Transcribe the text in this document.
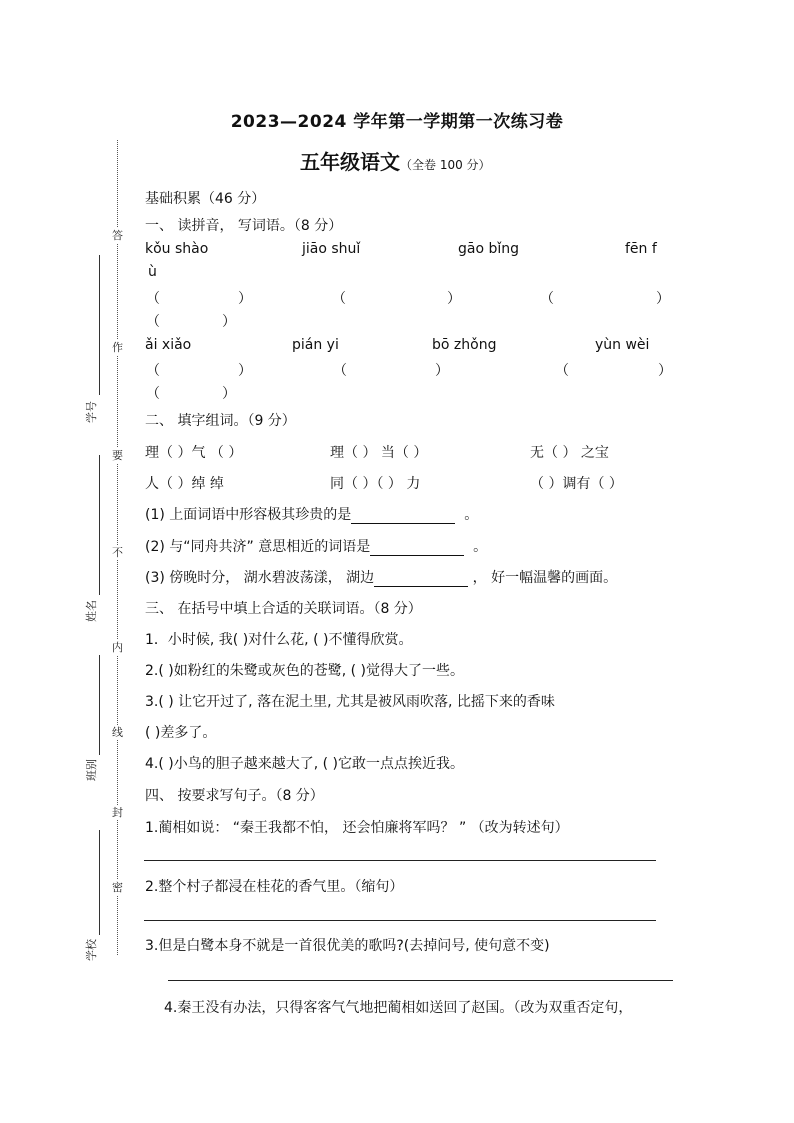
2023—2024 学年第一学期第一次练习卷
五年级语文（全卷 100 分）
答
作
要
不
内
线
封
密
学号
姓名
班别
学校
基础积累（46 分）
一、 读拼音， 写词语。（8 分）
kǒu shào	jiāo shuǐ	gāo bǐng	fēn f
ù
（	）	（	）	（	）
（	）
ǎi xiǎo	pián yi	bō zhǒng	yùn wèi
（	）	（	）	（	）
（	）
二、 填字组词。（9 分）
理（ ）气 （ ）	理（ ） 当（ ）	无（ ） 之宝
人（ ）绰 绰	同（ ）（ ） 力	（ ）调有（ ）
(1) 上面词语中形容极其珍贵的是	。
(2) 与“同舟共济” 意思相近的词语是	。
(3) 傍晚时分， 湖水碧波荡漾， 湖边	， 好一幅温馨的画面。
三、 在括号中填上合适的关联词语。（8 分）
1．小时候, 我( )对什么花, ( )不懂得欣赏。
2.( )如粉红的朱鹭或灰色的苍鹭, ( )觉得大了一些。
3.( ) 让它开过了, 落在泥土里, 尤其是被风雨吹落, 比摇下来的香味
( )差多了。
4.( )小鸟的胆子越来越大了, ( )它敢一点点挨近我。
四、 按要求写句子。（8 分）
1.蔺相如说： “秦王我都不怕， 还会怕廉将军吗？ ” （改为转述句）
2.整个村子都浸在桂花的香气里。（缩句）
3.但是白鹭本身不就是一首很优美的歌吗?(去掉问号, 使句意不变)
4.秦王没有办法，只得客客气气地把蔺相如送回了赵国。（改为双重否定句，
